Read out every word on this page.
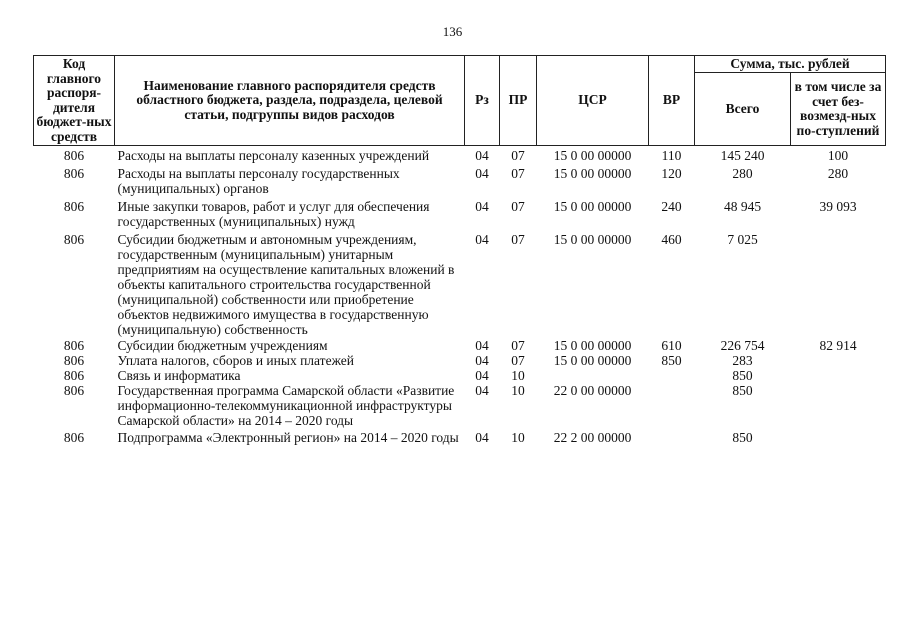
136
Код главного распоря-дителя бюджет-ных средств	Наименование главного распорядителя средств областного бюджета, раздела, подраздела, целевой статьи, подгруппы видов расходов	Рз	ПР	ЦСР	ВР	Сумма, тыс. рублей	
						Всего	в том числе за счет без-возмезд-ных по-ступлений
806	Расходы на выплаты персоналу казенных учреждений	04	07	15 0 00 00000	110	145 240	100
806	Расходы на выплаты персоналу государственных (муниципальных) органов	04	07	15 0 00 00000	120	280	280
806	Иные закупки товаров, работ и услуг для обеспечения государственных (муниципальных) нужд	04	07	15 0 00 00000	240	48 945	39 093
806	Субсидии бюджетным и автономным учреждениям, государственным (муниципальным) унитарным предприятиям на осуществление капитальных вложений в объекты капитального строительства государственной (муниципальной) собственности или приобретение объектов недвижимого имущества в государственную (муниципальную) собственность	04	07	15 0 00 00000	460	7 025	
806	Субсидии бюджетным учреждениям	04	07	15 0 00 00000	610	226 754	82 914
806	Уплата налогов, сборов и иных платежей	04	07	15 0 00 00000	850	283	
806	Связь и информатика	04	10			850	
806	Государственная программа Самарской области «Развитие информационно-телекоммуникационной инфраструктуры Самарской области» на 2014 – 2020 годы	04	10	22 0 00 00000		850	
806	Подпрограмма «Электронный регион» на 2014 – 2020 годы	04	10	22 2 00 00000		850	
